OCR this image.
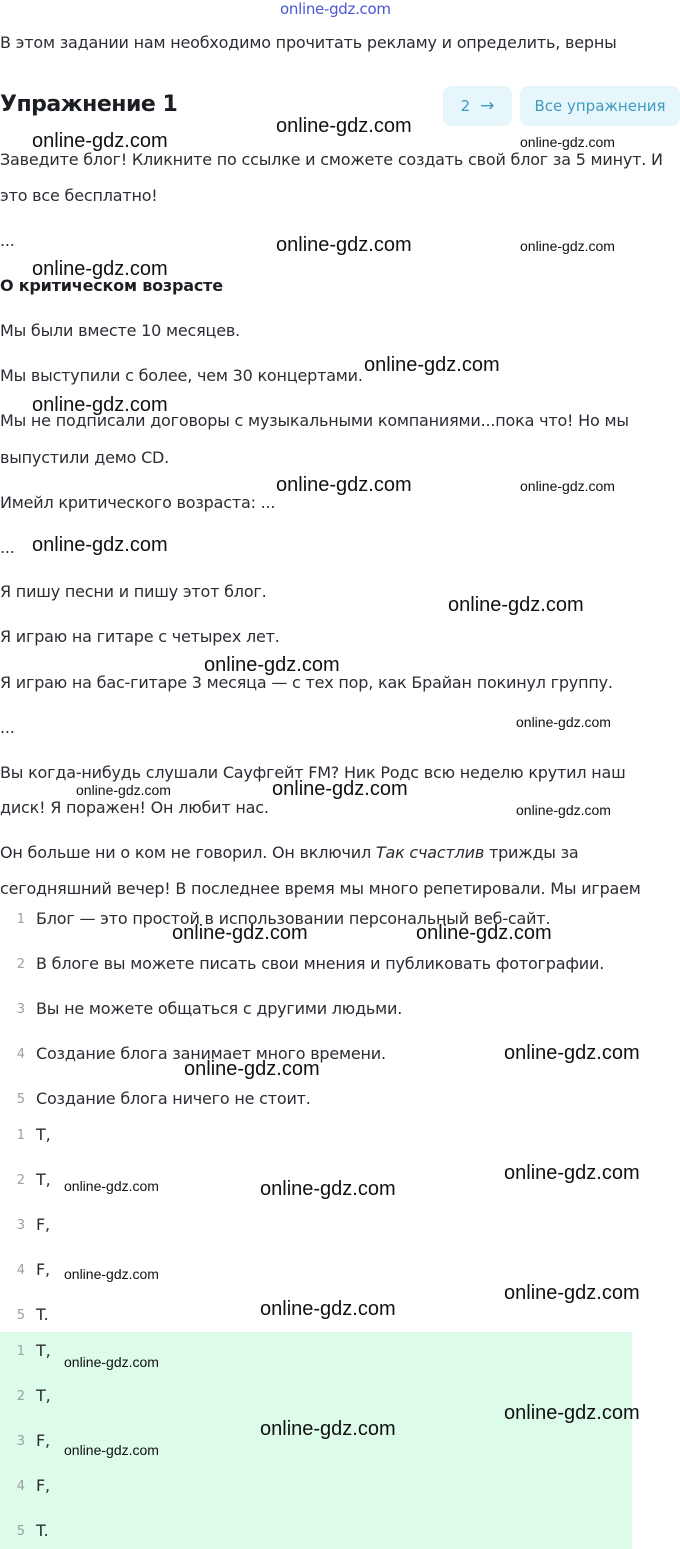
online-gdz.com
В этом задании нам необходимо прочитать рекламу и определить, верны
Упражнение 1	2 →	Все упражнения
Заведите блог! Кликните по ссылке и сможете создать свой блог за 5 минут. И
это все бесплатно!
...
О критическом возрасте
Мы были вместе 10 месяцев.
Мы выступили с более, чем 30 концертами.
Мы не подписали договоры с музыкальными компаниями...пока что! Но мы
выпустили демо CD.
Имейл критического возраста: ...
...
Я пишу песни и пишу этот блог.
Я играю на гитаре с четырех лет.
Я играю на бас-гитаре 3 месяца — с тех пор, как Брайан покинул группу.
...
Вы когда-нибудь слушали Сауфгейт FM? Ник Родс всю неделю крутил наш
диск! Я поражен! Он любит нас.
Он больше ни о ком не говорил. Он включил Так счастлив трижды за
сегодняшний вечер! В последнее время мы много репетировали. Мы играем
1 Блог — это простой в использовании персональный веб-сайт.
2 В блоге вы можете писать свои мнения и публиковать фотографии.
3 Вы не можете общаться с другими людьми.
4 Создание блога занимает много времени.
5 Создание блога ничего не стоит.
1 T,
2 T,
3 F,
4 F,
5 T.
1 T,
2 T,
3 F,
4 F,
5 T.
online-gdz.com
online-gdz.com
online-gdz.com
online-gdz.com	online-gdz.com
online-gdz.com
online-gdz.com
online-gdz.com
online-gdz.com	online-gdz.com
online-gdz.com
online-gdz.com
online-gdz.com
online-gdz.com
online-gdz.com	online-gdz.com
online-gdz.com
online-gdz.com	online-gdz.com
online-gdz.com
online-gdz.com
online-gdz.com
online-gdz.com	online-gdz.com
online-gdz.com
online-gdz.com
online-gdz.com
online-gdz.com
online-gdz.com
online-gdz.com
online-gdz.com
